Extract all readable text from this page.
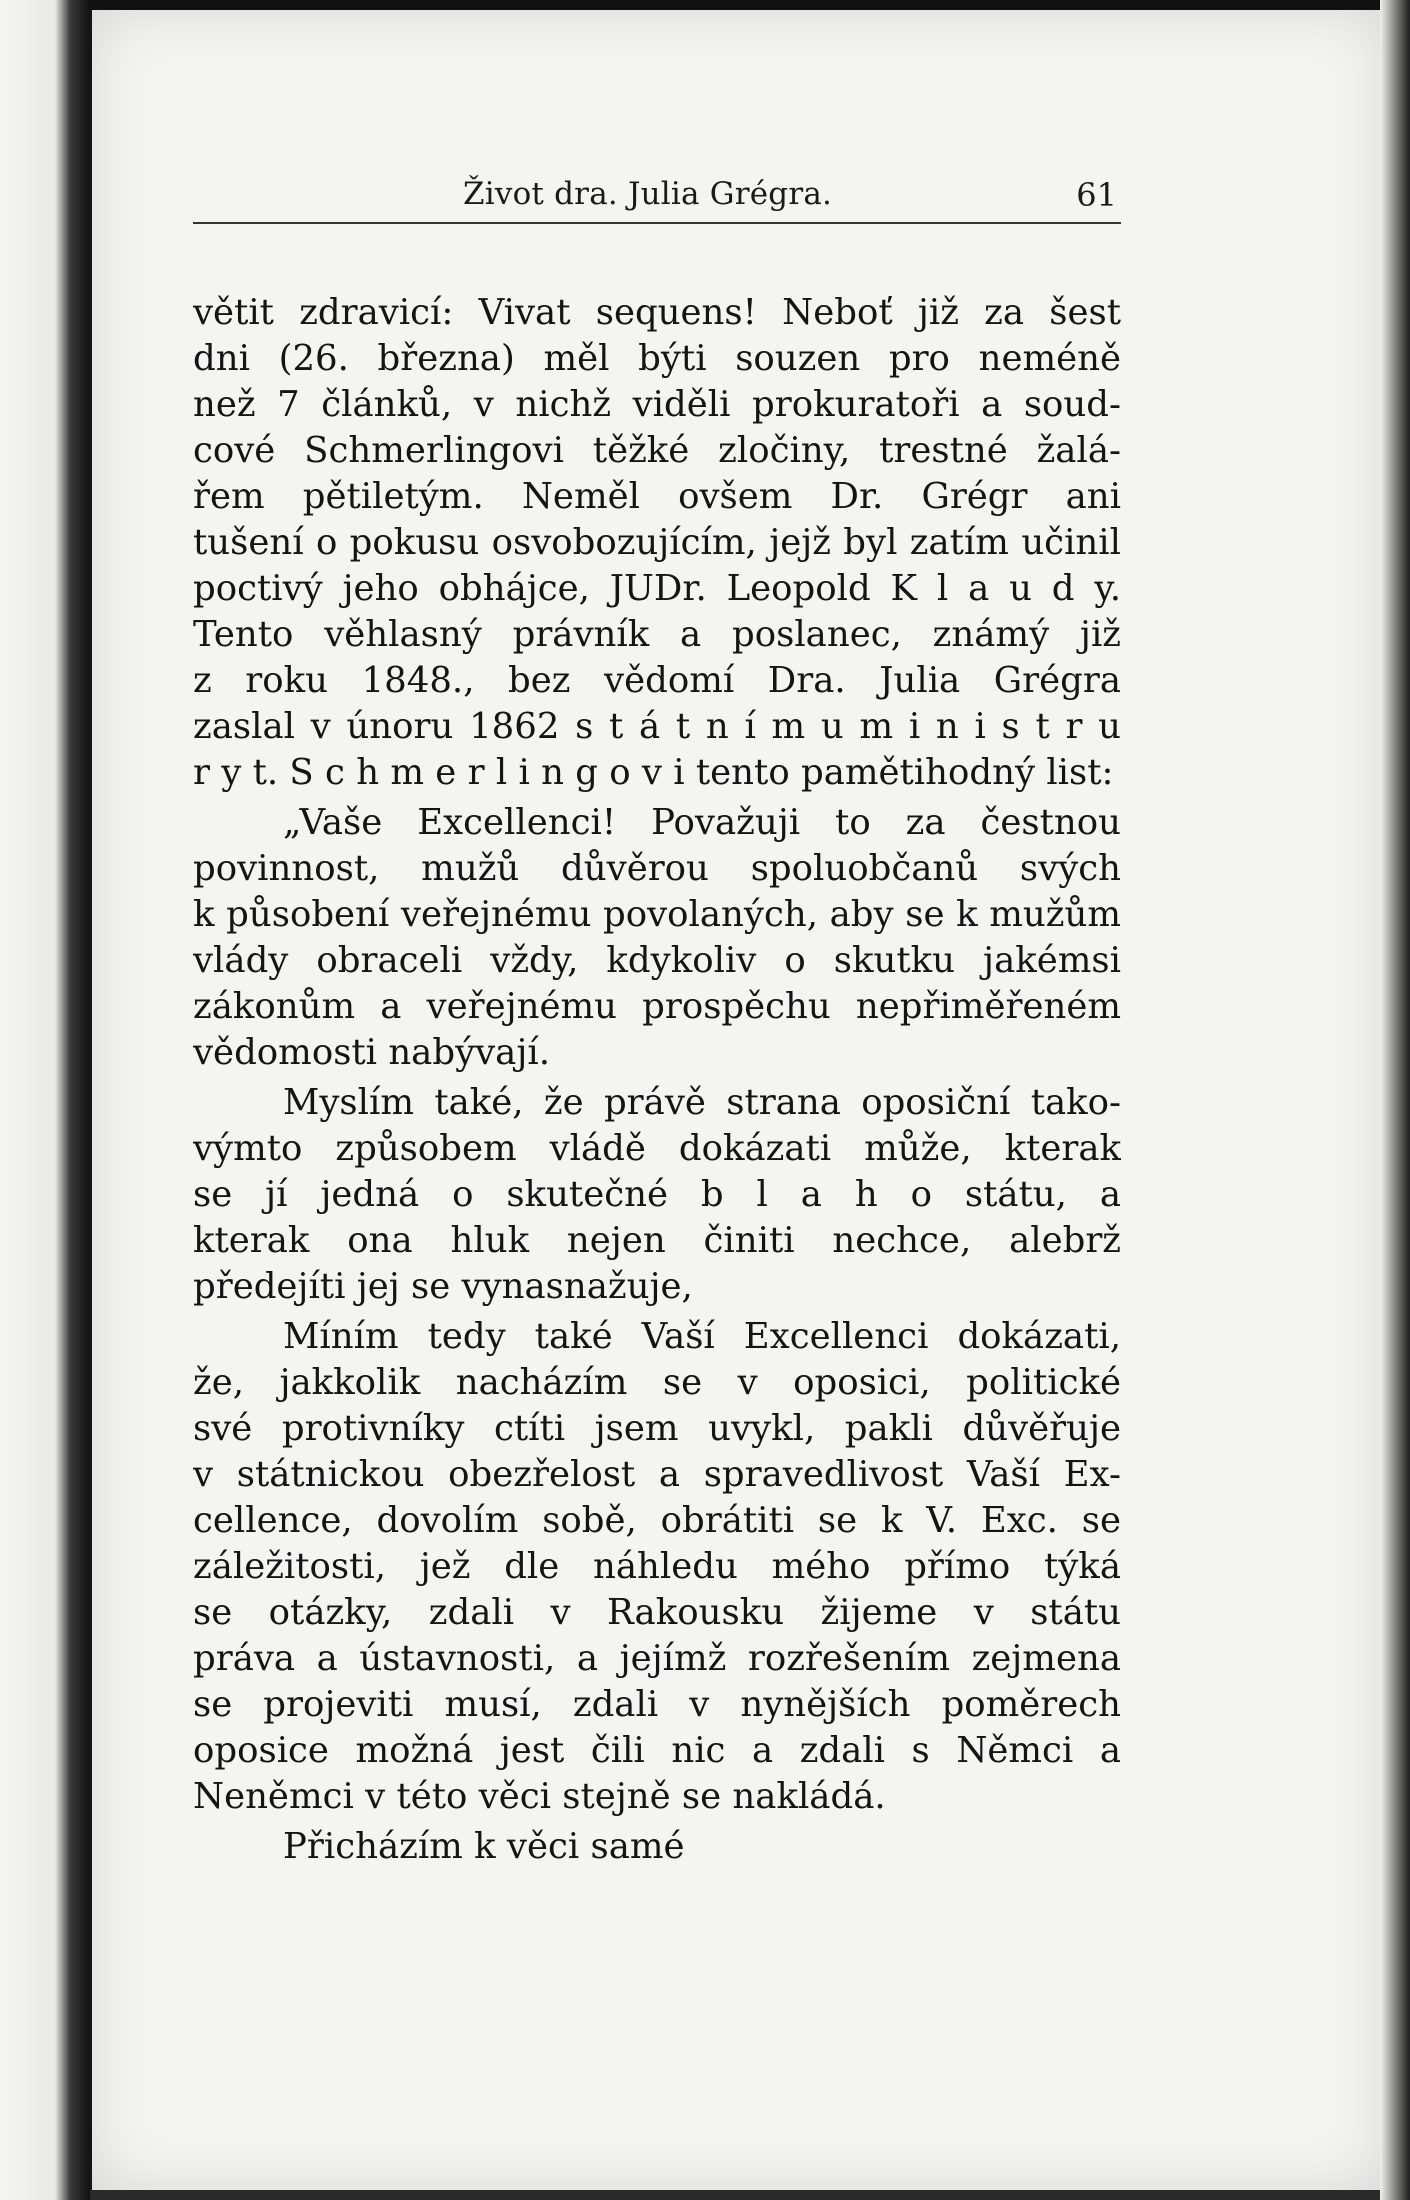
Život dra. Julia Grégra.	61
větit zdravicí: Vivat sequens! Neboť již za šest
dni (26. března) měl býti souzen pro neméně
než 7 článků, v nichž viděli prokuratoři a soud-
cové Schmerlingovi těžké zločiny, trestné žalá-
řem pětiletým. Neměl ovšem Dr. Grégr ani
tušení o pokusu osvobozujícím, jejž byl zatím učinil
poctivý jeho obhájce, JUDr. Leopold K l a u d y.
Tento věhlasný právník a poslanec, známý již
z roku 1848., bez vědomí Dra. Julia Grégra
zaslal v únoru 1862 s t á t n í m u m i n i s t r u
r y t. S c h m e r l i n g o v i tento pamětihodný list:
„Vaše Excellenci! Považuji to za čestnou
povinnost, mužů důvěrou spoluobčanů svých
k působení veřejnému povolaných, aby se k mužům
vlády obraceli vždy, kdykoliv o skutku jakémsi
zákonům a veřejnému prospěchu nepřiměřeném
vědomosti nabývají.
Myslím také, že právě strana oposiční tako-
výmto způsobem vládě dokázati může, kterak
se jí jedná o skutečné b l a h o státu, a
kterak ona hluk nejen činiti nechce, alebrž
předejíti jej se vynasnažuje,
Míním tedy také Vaší Excellenci dokázati,
že, jakkolik nacházím se v oposici, politické
své protivníky ctíti jsem uvykl, pakli důvěřuje
v státnickou obezřelost a spravedlivost Vaší Ex-
cellence, dovolím sobě, obrátiti se k V. Exc. se
záležitosti, jež dle náhledu mého přímo týká
se otázky, zdali v Rakousku žijeme v státu
práva a ústavnosti, a jejímž rozřešením zejmena
se projeviti musí, zdali v nynějších poměrech
oposice možná jest čili nic a zdali s Němci a
Neněmci v této věci stejně se nakládá.
Přicházím k věci samé
